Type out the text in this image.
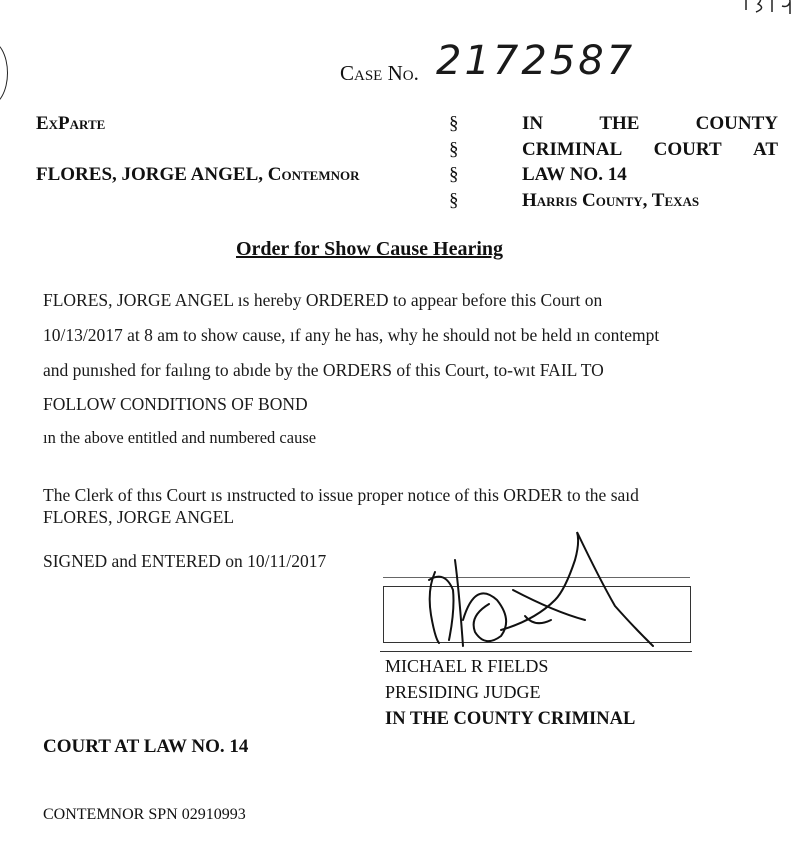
Case No. 2172587
ExParte
FLORES, JORGE ANGEL, Contemnor
§
§
§
§
IN	THE	COUNTY
CRIMINAL COURT AT
LAW NO. 14
Harris County, Texas
Order for Show Cause Hearing
FLORES, JORGE ANGEL ıs hereby ORDERED to appear before this Court on
10/13/2017 at 8 am to show cause, ıf any he has, why he should not be held ın contempt
and punıshed for faılıng to abıde by the ORDERS of this Court, to-wıt FAIL TO
FOLLOW CONDITIONS OF BOND
ın the above entitled and numbered cause
The Clerk of thıs Court ıs ınstructed to issue proper notıce of this ORDER to the saıd
FLORES, JORGE ANGEL
SIGNED and ENTERED on 10/11/2017
MICHAEL R FIELDS
PRESIDING JUDGE
IN THE COUNTY CRIMINAL
COURT AT LAW NO. 14
CONTEMNOR SPN 02910993
